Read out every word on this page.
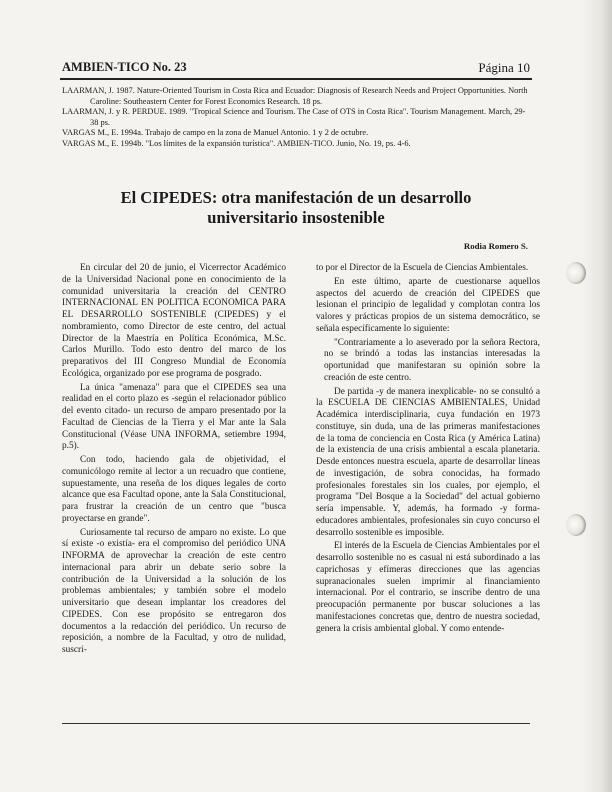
AMBIEN-TICO No. 23	Página 10
LAARMAN, J. 1987. Nature-Oriented Tourism in Costa Rica and Ecuador: Diagnosis of Research Needs and Project Opportunities. North Caroline: Southeastern Center for Forest Economics Research. 18 ps.
LAARMAN, J. y R. PERDUE. 1989. "Tropical Science and Tourism. The Case of OTS in Costa Rica". Tourism Management. March, 29-38 ps.
VARGAS M., E. 1994a. Trabajo de campo en la zona de Manuel Antonio. 1 y 2 de octubre.
VARGAS M., E. 1994b. "Los límites de la expansión turística". AMBIEN-TICO. Junio, No. 19, ps. 4-6.
El CIPEDES: otra manifestación de un desarrollo universitario insostenible
Rodia Romero S.

En circular del 20 de junio, el Vicerrector Académico de la Universidad Nacional pone en conocimiento de la comunidad universitaria la creación del CENTRO INTERNACIONAL EN POLITICA ECONOMICA PARA EL DESARROLLO SOSTENIBLE (CIPEDES) y el nombramiento, como Director de este centro, del actual Director de la Maestría en Política Económica, M.Sc. Carlos Murillo. Todo esto dentro del marco de los preparativos del III Congreso Mundial de Economía Ecológica, organizado por ese programa de posgrado.

La única "amenaza" para que el CIPEDES sea una realidad en el corto plazo es -según el relacionador público del evento citado- un recurso de amparo presentado por la Facultad de Ciencias de la Tierra y el Mar ante la Sala Constitucional (Véase UNA INFORMA, setiembre 1994, p.5).

Con todo, haciendo gala de objetividad, el comunicólogo remite al lector a un recuadro que contiene, supuestamente, una reseña de los diques legales de corto alcance que esa Facultad opone, ante la Sala Constitucional, para frustrar la creación de un centro que "busca proyectarse en grande".

Curiosamente tal recurso de amparo no existe. Lo que sí existe -o existía- era el compromiso del periódico UNA INFORMA de aprovechar la creación de este centro internacional para abrir un debate serio sobre la contribución de la Universidad a la solución de los problemas ambientales; y también sobre el modelo universitario que desean implantar los creadores del CIPEDES. Con ese propósito se entregaron dos documentos a la redacción del periódico. Un recurso de reposición, a nombre de la Facultad, y otro de nulidad, suscri-

to por el Director de la Escuela de Ciencias Ambientales.

En este último, aparte de cuestionarse aquellos aspectos del acuerdo de creación del CIPEDES que lesionan el principio de legalidad y complotan contra los valores y prácticas propios de un sistema democrático, se señala específicamente lo siguiente:

"Contrariamente a lo aseverado por la señora Rectora, no se brindó a todas las instancias interesadas la oportunidad que manifestaran su opinión sobre la creación de este centro.

De partida -y de manera inexplicable- no se consultó a la ESCUELA DE CIENCIAS AMBIENTALES, Unidad Académica interdisciplinaria, cuya fundación en 1973 constituye, sin duda, una de las primeras manifestaciones de la toma de conciencia en Costa Rica (y América Latina) de la existencia de una crisis ambiental a escala planetaria. Desde entonces nuestra escuela, aparte de desarrollar líneas de investigación, de sobra conocidas, ha formado profesionales forestales sin los cuales, por ejemplo, el programa "Del Bosque a la Sociedad" del actual gobierno sería impensable. Y, además, ha formado -y forma- educadores ambientales, profesionales sin cuyo concurso el desarrollo sostenible es imposible.

El interés de la Escuela de Ciencias Ambientales por el desarrollo sostenible no es casual ni está subordinado a las caprichosas y efímeras direcciones que las agencias supranacionales suelen imprimir al financiamiento internacional. Por el contrario, se inscribe dentro de una preocupación permanente por buscar soluciones a las manifestaciones concretas que, dentro de nuestra sociedad, genera la crisis ambiental global. Y como entende-
